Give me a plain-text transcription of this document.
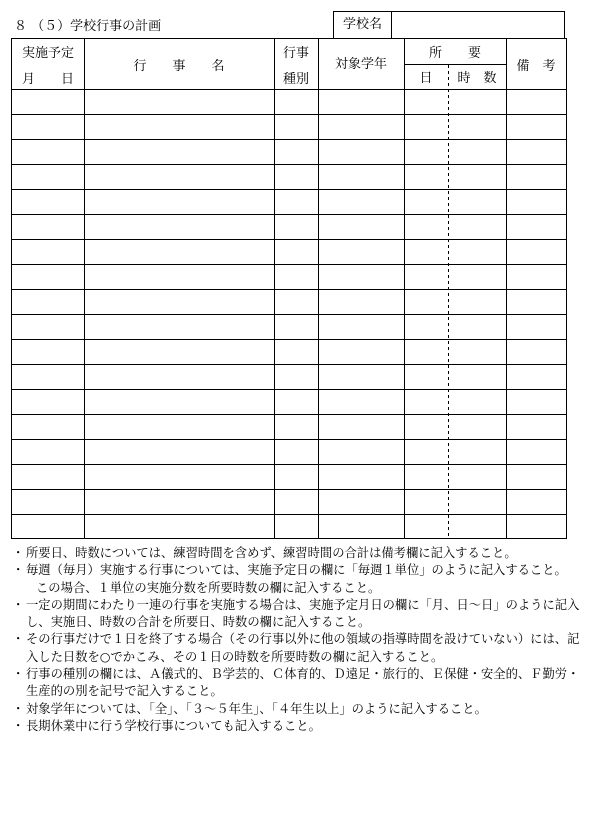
８ （５）学校行事の計画	学校名
実施予定
月　　日
行　　事　　名
行事
種別
対象学年
所　　要
日 時　数
備　考
・ 所要日、時数については、練習時間を含めず、練習時間の合計は備考欄に記入すること。
・ 毎週（毎月）実施する行事については、実施予定日の欄に「毎週１単位」のように記入すること。
この場合、１単位の実施分数を所要時数の欄に記入すること。
・ 一定の期間にわたり一連の行事を実施する場合は、実施予定月日の欄に「月、日～日」のように記入し、実施日、時数の合計を所要日、時数の欄に記入すること。
・ その行事だけで１日を終了する場合（その行事以外に他の領域の指導時間を設けていない）には、記入した日数を○でかこみ、その１日の時数を所要時数の欄に記入すること。
・ 行事の種別の欄には、Ａ儀式的、Ｂ学芸的、Ｃ体育的、Ｄ遠足・旅行的、Ｅ保健・安全的、Ｆ勤労・生産的の別を記号で記入すること。
・ 対象学年については、「全」、「３～５年生」、「４年生以上」のように記入すること。
・ 長期休業中に行う学校行事についても記入すること。
